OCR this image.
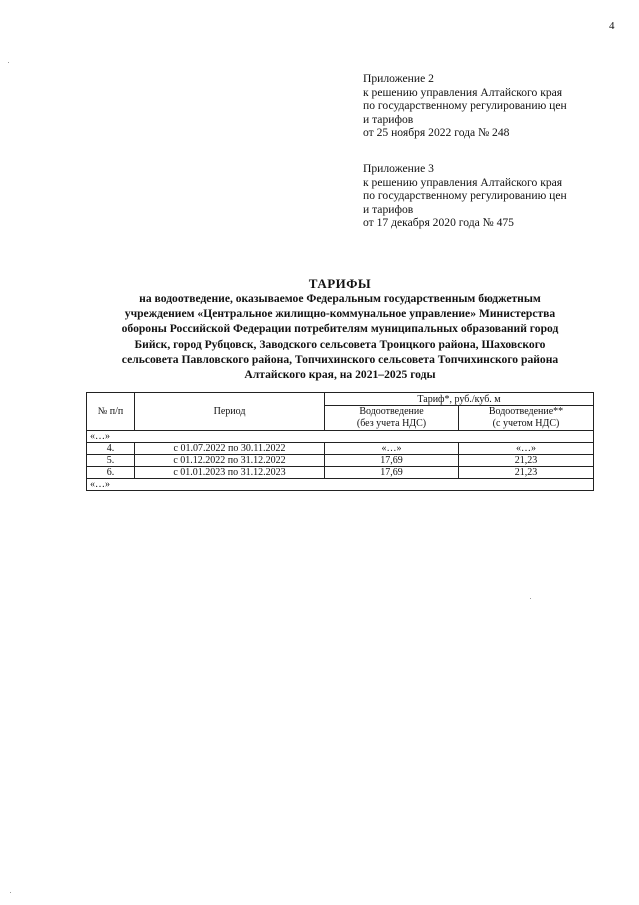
4
Приложение 2
к решению управления Алтайского края
по государственному регулированию цен
и тарифов
от 25 ноября 2022 года № 248
Приложение 3
к решению управления Алтайского края
по государственному регулированию цен
и тарифов
от 17 декабря 2020 года № 475
ТАРИФЫ
на водоотведение, оказываемое Федеральным государственным бюджетным
учреждением «Центральное жилищно-коммунальное управление» Министерства
обороны Российской Федерации потребителям муниципальных образований город
Бийск, город Рубцовск, Заводского сельсовета Троицкого района, Шаховского
сельсовета Павловского района, Топчихинского сельсовета Топчихинского района
Алтайского края, на 2021–2025 годы
№ п/п	Период	Тариф*, руб./куб. м	
		Водоотведение
(без учета НДС)	Водоотведение**
(с учетом НДС)
«…»			
4.	с 01.07.2022 по 30.11.2022	«…»	«…»
5.	с 01.12.2022 по 31.12.2022	17,69	21,23
6.	с 01.01.2023 по 31.12.2023	17,69	21,23
«…»			
